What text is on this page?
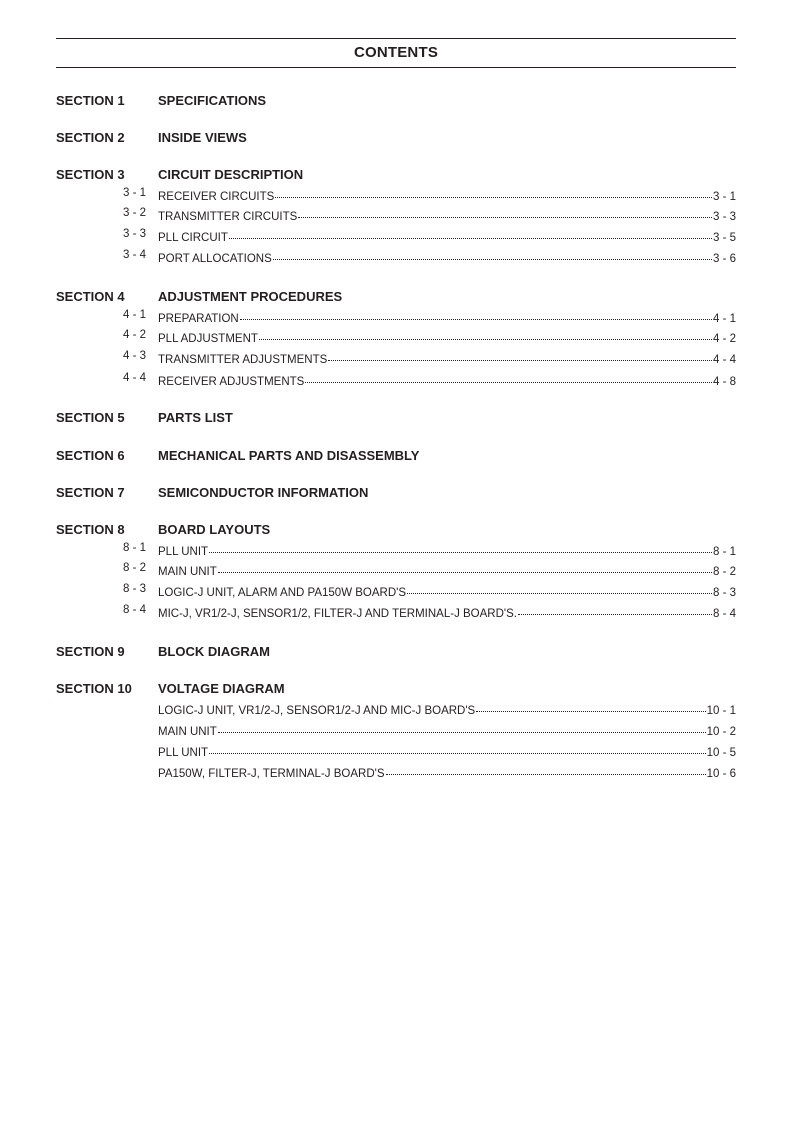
CONTENTS
SECTION 1	SPECIFICATIONS
SECTION 2	INSIDE VIEWS
SECTION 3	CIRCUIT DESCRIPTION
3 - 1	RECEIVER CIRCUITS	3 - 1
3 - 2	TRANSMITTER CIRCUITS	3 - 3
3 - 3	PLL CIRCUIT	3 - 5
3 - 4	PORT ALLOCATIONS	3 - 6
SECTION 4	ADJUSTMENT PROCEDURES
4 - 1	PREPARATION	4 - 1
4 - 2	PLL ADJUSTMENT	4 - 2
4 - 3	TRANSMITTER ADJUSTMENTS	4 - 4
4 - 4	RECEIVER ADJUSTMENTS	4 - 8
SECTION 5	PARTS LIST
SECTION 6	MECHANICAL PARTS AND DISASSEMBLY
SECTION 7	SEMICONDUCTOR INFORMATION
SECTION 8	BOARD LAYOUTS
8 - 1	PLL UNIT	8 - 1
8 - 2	MAIN UNIT	8 - 2
8 - 3	LOGIC-J UNIT, ALARM AND PA150W BOARD'S	8 - 3
8 - 4	MIC-J, VR1/2-J, SENSOR1/2, FILTER-J AND TERMINAL-J BOARD'S.	8 - 4
SECTION 9	BLOCK DIAGRAM
SECTION 10 VOLTAGE DIAGRAM
LOGIC-J UNIT, VR1/2-J, SENSOR1/2-J AND MIC-J BOARD'S	10 - 1
MAIN UNIT	10 - 2
PLL UNIT	10 - 5
PA150W, FILTER-J, TERMINAL-J BOARD'S	10 - 6
